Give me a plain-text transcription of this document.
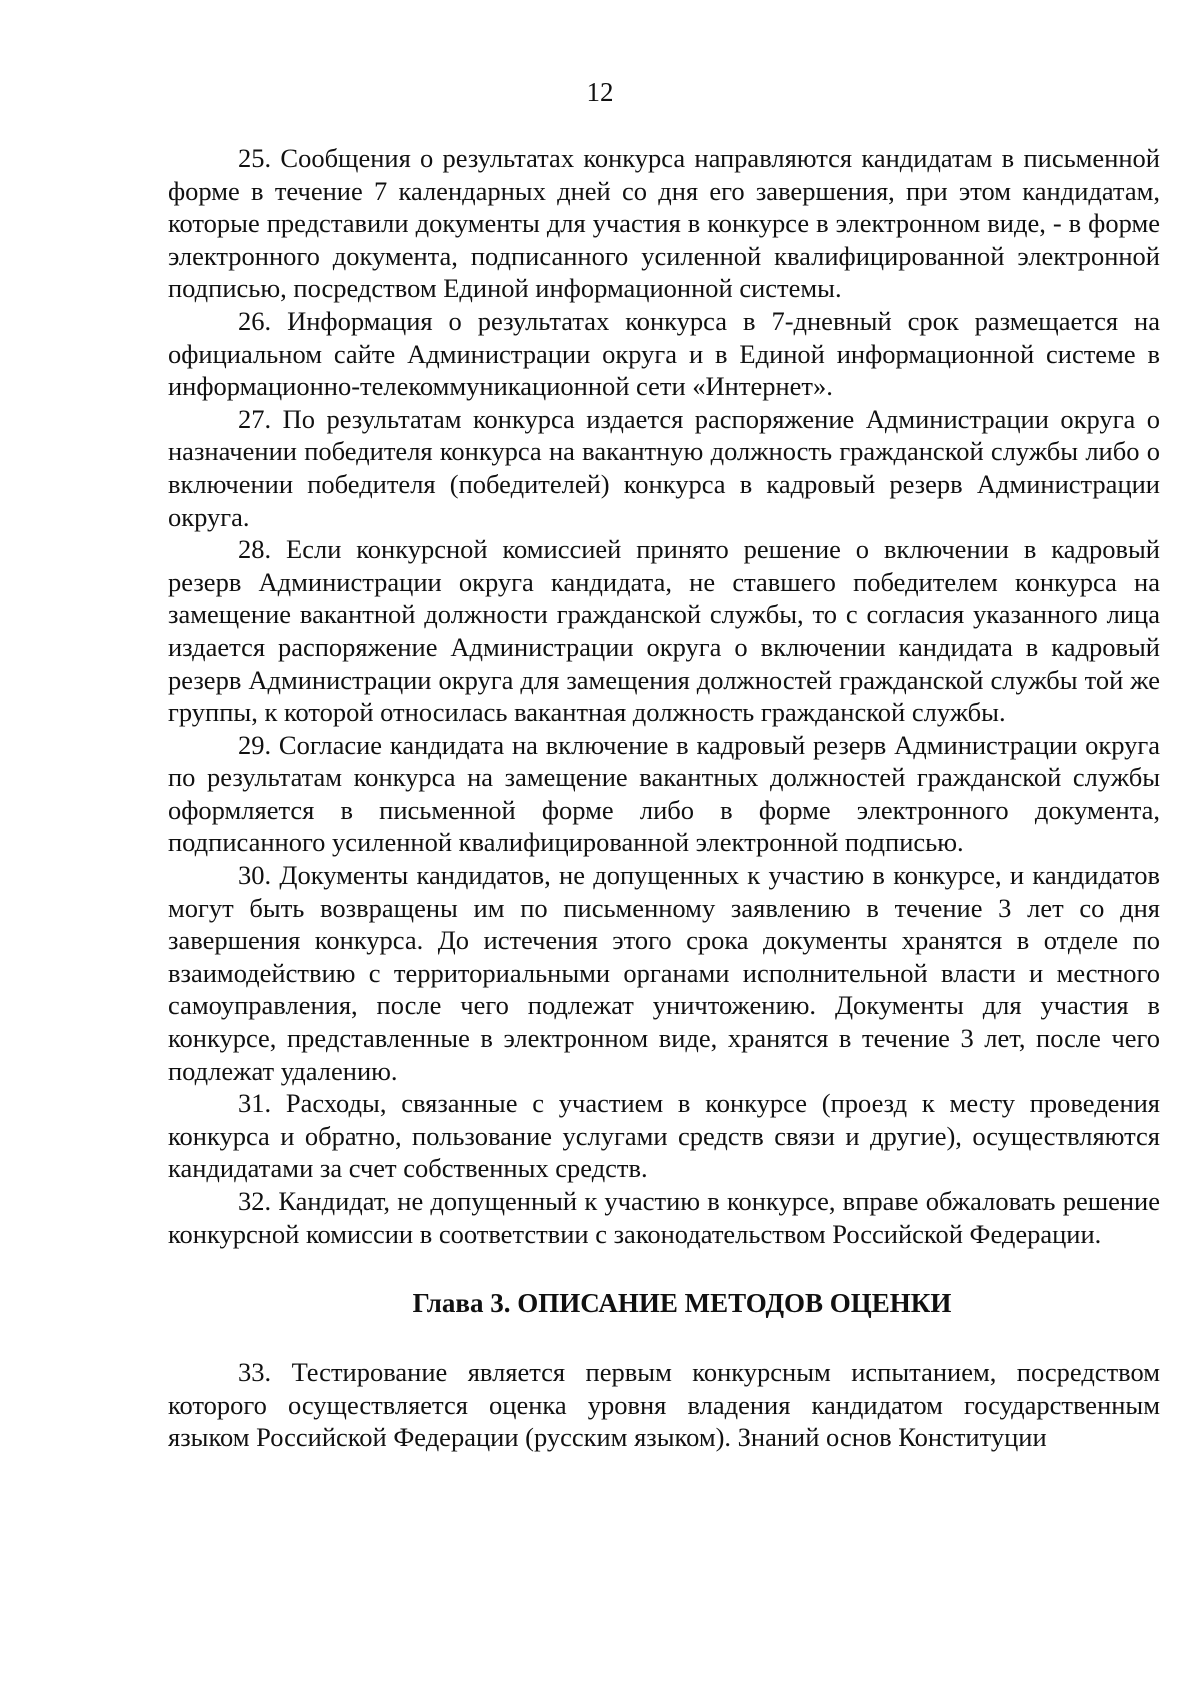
12

25. Сообщения о результатах конкурса направляются кандидатам в письменной форме в течение 7 календарных дней со дня его завершения, при этом кандидатам, которые представили документы для участия в конкурсе в электронном виде, - в форме электронного документа, подписанного усиленной квалифицированной электронной подписью, посредством Единой информационной системы.

26. Информация о результатах конкурса в 7-дневный срок размещается на официальном сайте Администрации округа и в Единой информационной системе в информационно-телекоммуникационной сети «Интернет».

27. По результатам конкурса издается распоряжение Администрации округа о назначении победителя конкурса на вакантную должность гражданской службы либо о включении победителя (победителей) конкурса в кадровый резерв Администрации округа.

28. Если конкурсной комиссией принято решение о включении в кадровый резерв Администрации округа кандидата, не ставшего победителем конкурса на замещение вакантной должности гражданской службы, то с согласия указанного лица издается распоряжение Администрации округа о включении кандидата в кадровый резерв Администрации округа для замещения должностей гражданской службы той же группы, к которой относилась вакантная должность гражданской службы.

29. Согласие кандидата на включение в кадровый резерв Администрации округа по результатам конкурса на замещение вакантных должностей гражданской службы оформляется в письменной форме либо в форме электронного документа, подписанного усиленной квалифицированной электронной подписью.

30. Документы кандидатов, не допущенных к участию в конкурсе, и кандидатов могут быть возвращены им по письменному заявлению в течение 3 лет со дня завершения конкурса. До истечения этого срока документы хранятся в отделе по взаимодействию с территориальными органами исполнительной власти и местного самоуправления, после чего подлежат уничтожению. Документы для участия в конкурсе, представленные в электронном виде, хранятся в течение 3 лет, после чего подлежат удалению.

31. Расходы, связанные с участием в конкурсе (проезд к месту проведения конкурса и обратно, пользование услугами средств связи и другие), осуществляются кандидатами за счет собственных средств.

32. Кандидат, не допущенный к участию в конкурсе, вправе обжаловать решение конкурсной комиссии в соответствии с законодательством Российской Федерации.

Глава 3. ОПИСАНИЕ МЕТОДОВ ОЦЕНКИ

33. Тестирование является первым конкурсным испытанием, посредством которого осуществляется оценка уровня владения кандидатом государственным языком Российской Федерации (русским языком). Знаний основ Конституции
